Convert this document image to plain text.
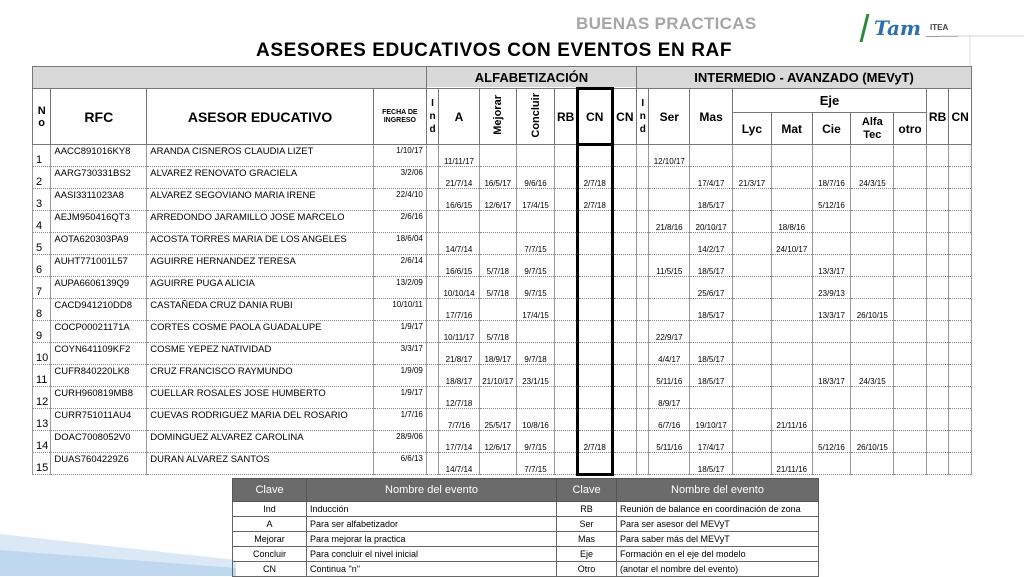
BUENAS PRACTICAS	Tam ITEA
ASESORES EDUCATIVOS CON EVENTOS EN RAF
				ALFABETIZACIÓN							INTERMEDIO - AVANZADO (MEVyT)									

N o	RFC	ASESOR EDUCATIVO	FECHA DE INGRESO	I n d	A	Mejorar	Concluir	RB	CN	CN	I n d	Ser	Mas	Eje					RB	CN
														Lyc	Mat	Cie	Alfa Tec	otro		
1	AACC891016KY8	ARANDA CISNEROS CLAUDIA LIZET	1/10/17		11/11/17							12/10/17								
2	AARG730331BS2	ALVAREZ RENOVATO GRACIELA	3/2/06		21/7/14	16/5/17	9/6/16		2/7/18				17/4/17	21/3/17		18/7/16	24/3/15			
3	AASI3311023A8	ALVAREZ SEGOVIANO MARIA IRENE	22/4/10		16/6/15	12/6/17	17/4/15		2/7/18				18/5/17			5/12/16				
4	AEJM950416QT3	ARREDONDO JARAMILLO JOSE MARCELO	2/6/16									21/8/16	20/10/17		18/8/16					
5	AOTA620303PA9	ACOSTA TORRES MARIA DE LOS ANGELES	18/6/04		14/7/14		7/7/15						14/2/17		24/10/17					
6	AUHT771001L57	AGUIRRE HERNANDEZ TERESA	2/6/14		16/6/15	5/7/18	9/7/15					11/5/15	18/5/17			13/3/17				
7	AUPA6606139Q9	AGUIRRE PUGA ALICIA	13/2/09		10/10/14	5/7/18	9/7/15						25/6/17			23/9/13				
8	CACD941210DD8	CASTAÑEDA CRUZ DANIA RUBI	10/10/11		17/7/16		17/4/15						18/5/17			13/3/17	26/10/15			
9	COCP00021171A	CORTES COSME PAOLA GUADALUPE	1/9/17		10/11/17	5/7/18						22/9/17								
10	COYN641109KF2	COSME YEPEZ NATIVIDAD	3/3/17		21/8/17	18/9/17	9/7/18					4/4/17	18/5/17							
11	CUFR840220LK8	CRUZ FRANCISCO RAYMUNDO	1/9/09		18/8/17	21/10/17	23/1/15					5/11/16	18/5/17			18/3/17	24/3/15			
12	CURH960819MB8	CUELLAR ROSALES JOSE HUMBERTO	1/9/17		12/7/18							8/9/17								
13	CURR751011AU4	CUEVAS RODRIGUEZ MARIA DEL ROSARIO	1/7/16		7/7/16	25/5/17	10/8/16					6/7/16	19/10/17		21/11/16					
14	DOAC7008052V0	DOMINGUEZ ALVAREZ CAROLINA	28/9/06		17/7/14	12/6/17	9/7/15		2/7/18			5/11/16	17/4/17			5/12/16	26/10/15			
15	DUAS7604229Z6	DURAN ALVAREZ SANTOS	6/6/13		14/7/14		7/7/15						18/5/17		21/11/16					
Clave	Nombre del evento	Clave	Nombre del evento
Ind	Inducción	RB	Reunión de balance en coordinación de zona
A	Para ser alfabetizador	Ser	Para ser asesor del MEVyT
Mejorar	Para mejorar la practica	Mas	Para saber más del MEVyT
Concluir	Para concluir el nivel inicial	Eje	Formación en el eje del modelo
CN	Continua "n"	Otro	(anotar el nombre del evento)
